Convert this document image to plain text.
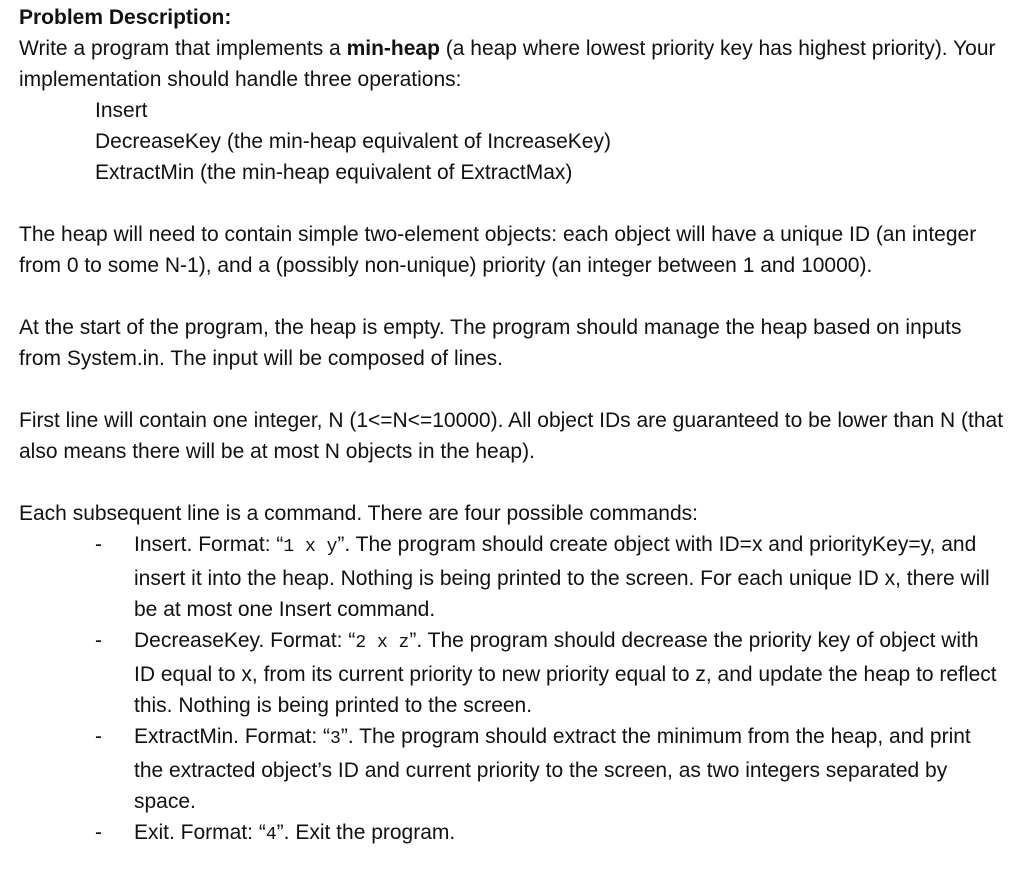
Problem Description:

Write a program that implements a min-heap (a heap where lowest priority key has highest priority). Your implementation should handle three operations:

Insert
DecreaseKey (the min-heap equivalent of IncreaseKey)
ExtractMin (the min-heap equivalent of ExtractMax)

The heap will need to contain simple two-element objects: each object will have a unique ID (an integer from 0 to some N-1), and a (possibly non-unique) priority (an integer between 1 and 10000).

At the start of the program, the heap is empty. The program should manage the heap based on inputs from System.in. The input will be composed of lines.

First line will contain one integer, N (1<=N<=10000). All object IDs are guaranteed to be lower than N (that also means there will be at most N objects in the heap).

Each subsequent line is a command. There are four possible commands:

- Insert. Format: “1 x y”. The program should create object with ID=x and priorityKey=y, and insert it into the heap. Nothing is being printed to the screen. For each unique ID x, there will be at most one Insert command.
- DecreaseKey. Format: “2 x z”. The program should decrease the priority key of object with ID equal to x, from its current priority to new priority equal to z, and update the heap to reflect this. Nothing is being printed to the screen.
- ExtractMin. Format: “3”. The program should extract the minimum from the heap, and print the extracted object’s ID and current priority to the screen, as two integers separated by space.
- Exit. Format: “4”. Exit the program.
